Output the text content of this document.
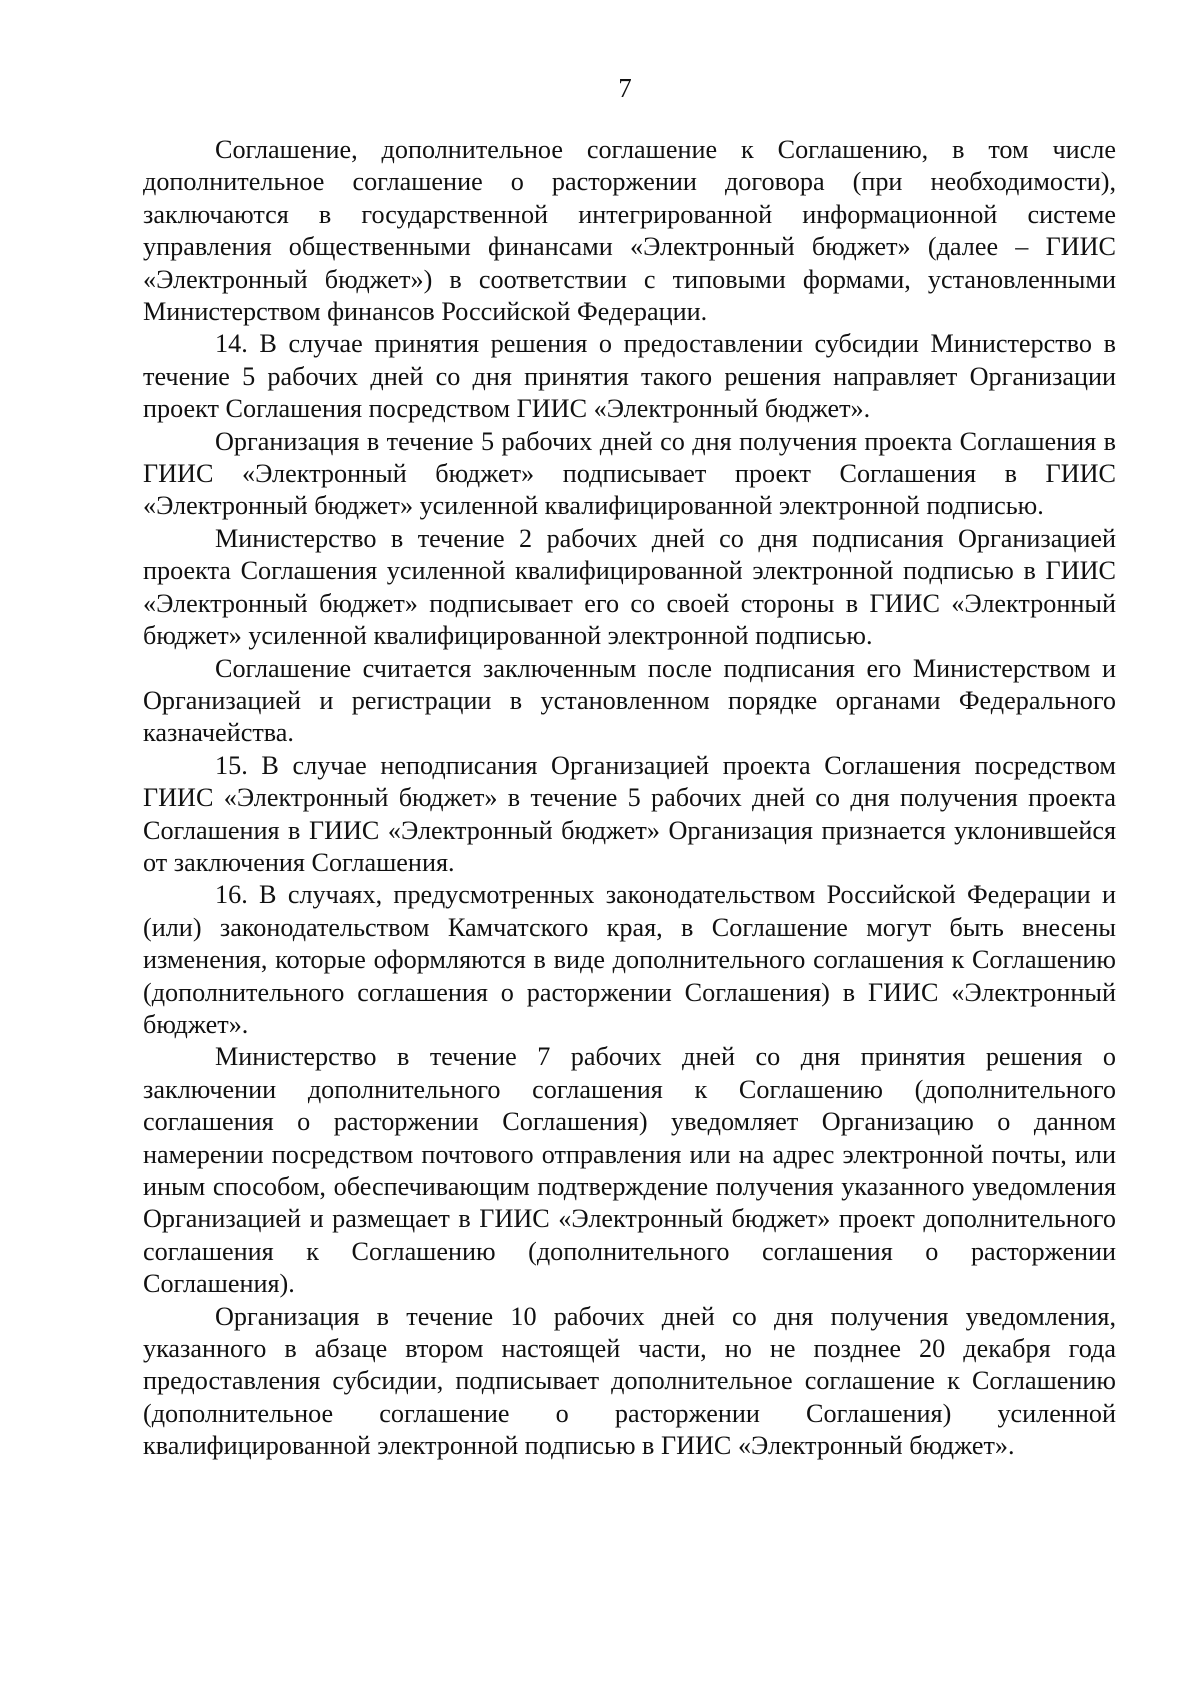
7

Соглашение, дополнительное соглашение к Соглашению, в том числе дополнительное соглашение о расторжении договора (при необходимости), заключаются в государственной интегрированной информационной системе управления общественными финансами «Электронный бюджет» (далее – ГИИС «Электронный бюджет») в соответствии с типовыми формами, установленными Министерством финансов Российской Федерации.

14. В случае принятия решения о предоставлении субсидии Министерство в течение 5 рабочих дней со дня принятия такого решения направляет Организации проект Соглашения посредством ГИИС «Электронный бюджет».

Организация в течение 5 рабочих дней со дня получения проекта Соглашения в ГИИС «Электронный бюджет» подписывает проект Соглашения в ГИИС «Электронный бюджет» усиленной квалифицированной электронной подписью.

Министерство в течение 2 рабочих дней со дня подписания Организацией проекта Соглашения усиленной квалифицированной электронной подписью в ГИИС «Электронный бюджет» подписывает его со своей стороны в ГИИС «Электронный бюджет» усиленной квалифицированной электронной подписью.

Соглашение считается заключенным после подписания его Министерством и Организацией и регистрации в установленном порядке органами Федерального казначейства.

15. В случае неподписания Организацией проекта Соглашения посредством ГИИС «Электронный бюджет» в течение 5 рабочих дней со дня получения проекта Соглашения в ГИИС «Электронный бюджет» Организация признается уклонившейся от заключения Соглашения.

16. В случаях, предусмотренных законодательством Российской Федерации и (или) законодательством Камчатского края, в Соглашение могут быть внесены изменения, которые оформляются в виде дополнительного соглашения к Соглашению (дополнительного соглашения о расторжении Соглашения) в ГИИС «Электронный бюджет».

Министерство в течение 7 рабочих дней со дня принятия решения о заключении дополнительного соглашения к Соглашению (дополнительного соглашения о расторжении Соглашения) уведомляет Организацию о данном намерении посредством почтового отправления или на адрес электронной почты, или иным способом, обеспечивающим подтверждение получения указанного уведомления Организацией и размещает в ГИИС «Электронный бюджет» проект дополнительного соглашения к Соглашению (дополнительного соглашения о расторжении Соглашения).

Организация в течение 10 рабочих дней со дня получения уведомления, указанного в абзаце втором настоящей части, но не позднее 20 декабря года предоставления субсидии, подписывает дополнительное соглашение к Соглашению (дополнительное соглашение о расторжении Соглашения) усиленной квалифицированной электронной подписью в ГИИС «Электронный бюджет».
